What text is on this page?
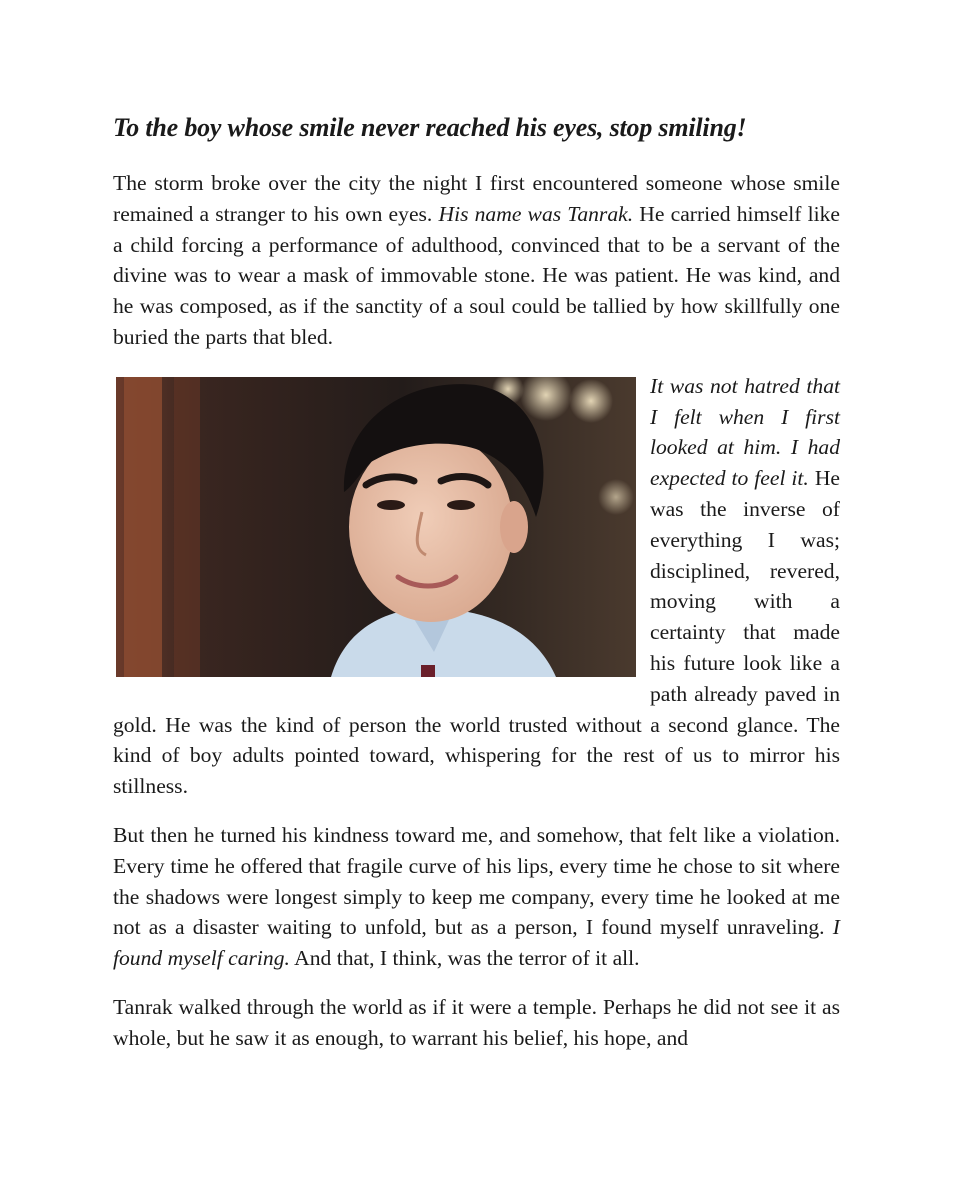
To the boy whose smile never reached his eyes, stop smiling!

The storm broke over the city the night I first encountered someone whose smile remained a stranger to his own eyes. His name was Tanrak. He carried himself like a child forcing a performance of adulthood, convinced that to be a servant of the divine was to wear a mask of immovable stone. He was patient. He was kind, and he was composed, as if the sanctity of a soul could be tallied by how skillfully one buried the parts that bled.

It was not hatred that I felt when I first looked at him. I had expected to feel it. He was the inverse of everything I was; disciplined, revered, moving with a certainty that made his future look like a path already paved in gold. He was the kind of person the world trusted without a second glance. The kind of boy adults pointed toward, whispering for the rest of us to mirror his stillness.

But then he turned his kindness toward me, and somehow, that felt like a violation. Every time he offered that fragile curve of his lips, every time he chose to sit where the shadows were longest simply to keep me company, every time he looked at me not as a disaster waiting to unfold, but as a person, I found myself unraveling. I found myself caring. And that, I think, was the terror of it all.

Tanrak walked through the world as if it were a temple. Perhaps he did not see it as whole, but he saw it as enough, to warrant his belief, his hope, and
